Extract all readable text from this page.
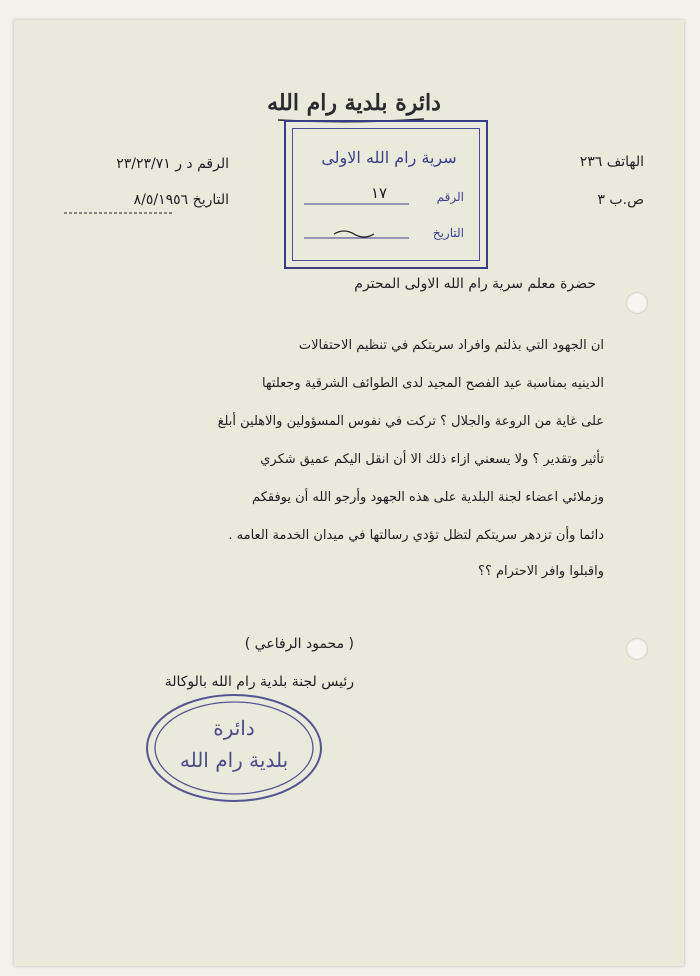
دائرة بلدية رام الله
الرقم د ر ٢٣/٢٣/٧١
التاريخ ٨/٥/١٩٥٦
الهاتف ٢٣٦
ص.ب ٣
سرية رام الله الاولى
الرقم
١٧
التاريخ
حضرة معلم سرية رام الله الاولى المحترم
ان الجهود التي بذلتم وافراد سريتكم في تنظيم الاحتفالات
الدينيه بمناسبة عيد الفصح المجيد لدى الطوائف الشرقية وجعلتها
على غاية من الروعة والجلال ؟ تركت في نفوس المسؤولين والاهلين أبلغ
تأثير وتقدير ؟ ولا يسعني ازاء ذلك الا أن انقل اليكم عميق شكري
وزملائي اعضاء لجنة البلدية على هذه الجهود وأرجو الله أن يوفقكم
دائما وأن تزدهر سريتكم لتظل تؤدي رسالتها في ميدان الخدمة العامه .
واقبلوا وافر الاحترام ؟؟
( محمود الرفاعي )
رئيس لجنة بلدية رام الله بالوكالة
دائرة
بلدية رام الله
